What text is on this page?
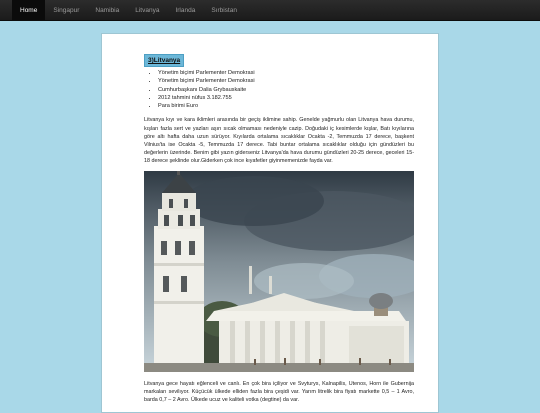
Home	Singapur	Namibia	Litvanya	Irlanda	Sırbistan
3)Litvanya
• Yönetim biçimi Parlementer Demokrasi
• Yönetim biçimi Parlementer Demokrasi
• Cumhurbaşkanı Dalia Grybauskaite
• 2012 tahmini nüfus 3.182.755
• Para birimi Euro

Litvanya kıyı ve kara iklimleri arasında bir geçiş iklimine sahip. Genelde yağmurlu olan Litvanya hava durumu, kışları fazla sert ve yazları aşırı sıcak olmaması nedeniyle cazip. Doğudaki iç kesimlerde kışlar, Batı kıyılarına göre altı hafta daha uzun sürüyor. Kıyılarda ortalama sıcaklıklar Ocakta -2, Temmuzda 17 derece, başkent Vilnius'ta ise Ocakta -5, Temmuzda 17 derece. Tabi buntar ortalama sıcaklıklar olduğu için gündüzleri bu değerlerin üzerinde. Benim gibi yazın giderseniz Litvanya'da hava durumu gündüzleri 20-25 derece, geceleri 15-18 derece şeklinde olur.Giderken çok ince kıyafetler giyinmemenizde fayda var.

Litvanya gece hayatı eğlenceli ve canlı. En çok bira içiliyor ve Svyturys, Kalnapilis, Utenos, Horn ile Gubernija markaları sevilıyor. Küçücük ülkede elliden fazla bira çeşidi var. Yarım litrelik bira fiyatı markette 0,5 – 1 Avro, barda 0,7 – 2 Avro. Ülkede ucuz ve kaliteli votka (degtine) da var.
